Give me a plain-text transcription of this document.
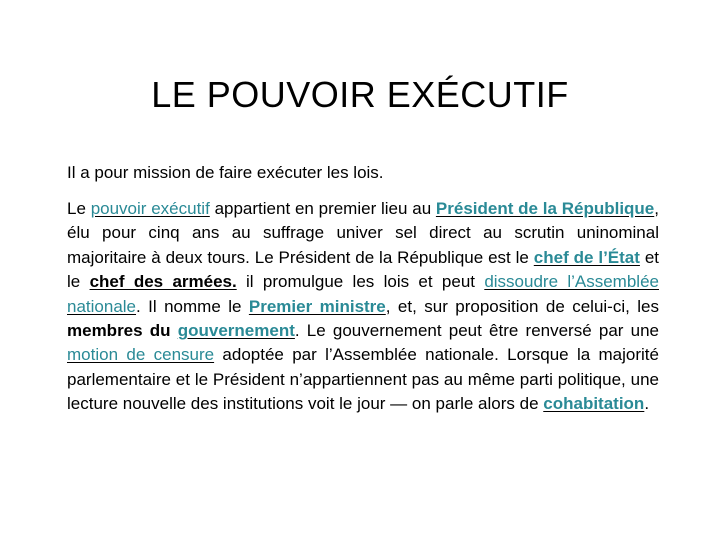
LE POUVOIR EXÉCUTIF

Il a pour mission de faire exécuter les lois.

Le pouvoir exécutif appartient en premier lieu au Président de la République, élu pour cinq ans au suffrage univer sel direct au scrutin uninominal majoritaire à deux tours. Le Président de la République est le chef de l’État et le chef des armées. il promulgue les lois et peut dissoudre l’Assemblée nationale. Il nomme le Premier ministre, et, sur proposition de celui-ci, les membres du gouvernement. Le gouvernement peut être renversé par une motion de censure adoptée par l’Assemblée nationale. Lorsque la majorité parlementaire et le Président n’appartiennent pas au même parti politique, une lecture nouvelle des institutions voit le jour — on parle alors de cohabitation.
